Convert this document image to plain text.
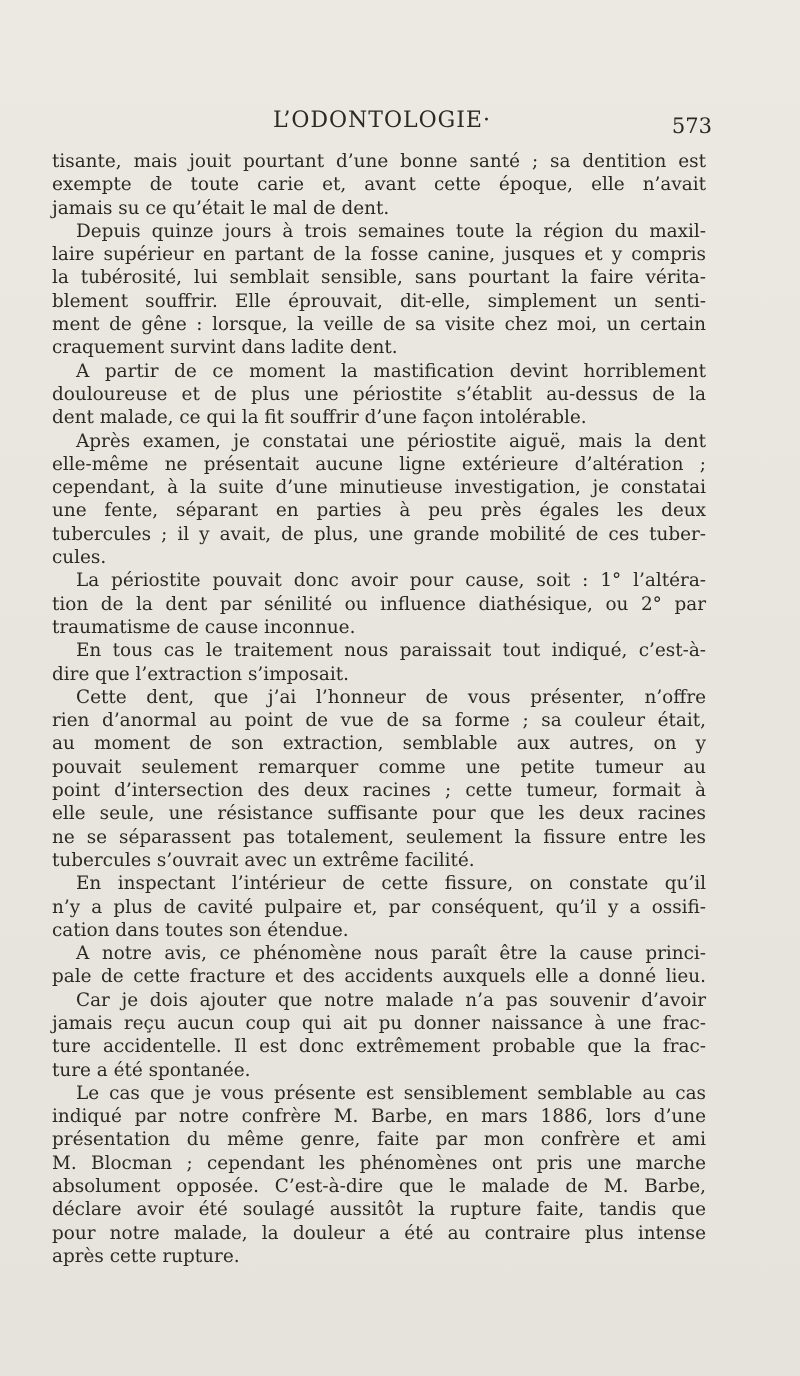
L’ODONTOLOGIE·	573
tisante, mais jouit pourtant d’une bonne santé ; sa dentition est
exempte de toute carie et, avant cette époque, elle n’avait
jamais su ce qu’était le mal de dent.
Depuis quinze jours à trois semaines toute la région du maxil-
laire supérieur en partant de la fosse canine, jusques et y compris
la tubérosité, lui semblait sensible, sans pourtant la faire vérita-
blement souffrir. Elle éprouvait, dit-elle, simplement un senti-
ment de gêne : lorsque, la veille de sa visite chez moi, un certain
craquement survint dans ladite dent.
A partir de ce moment la mastification devint horriblement
douloureuse et de plus une périostite s’établit au-dessus de la
dent malade, ce qui la fit souffrir d’une façon intolérable.
Après examen, je constatai une périostite aiguë, mais la dent
elle-même ne présentait aucune ligne extérieure d’altération ;
cependant, à la suite d’une minutieuse investigation, je constatai
une fente, séparant en parties à peu près égales les deux
tubercules ; il y avait, de plus, une grande mobilité de ces tuber-
cules.
La périostite pouvait donc avoir pour cause, soit : 1° l’altéra-
tion de la dent par sénilité ou influence diathésique, ou 2° par
traumatisme de cause inconnue.
En tous cas le traitement nous paraissait tout indiqué, c’est-à-
dire que l’extraction s’imposait.
Cette dent, que j’ai l’honneur de vous présenter, n’offre
rien d’anormal au point de vue de sa forme ; sa couleur était,
au moment de son extraction, semblable aux autres, on y
pouvait seulement remarquer comme une petite tumeur au
point d’intersection des deux racines ; cette tumeur, formait à
elle seule, une résistance suffisante pour que les deux racines
ne se séparassent pas totalement, seulement la fissure entre les
tubercules s’ouvrait avec un extrême facilité.
En inspectant l’intérieur de cette fissure, on constate qu’il
n’y a plus de cavité pulpaire et, par conséquent, qu’il y a ossifi-
cation dans toutes son étendue.
A notre avis, ce phénomène nous paraît être la cause princi-
pale de cette fracture et des accidents auxquels elle a donné lieu.
Car je dois ajouter que notre malade n’a pas souvenir d’avoir
jamais reçu aucun coup qui ait pu donner naissance à une frac-
ture accidentelle. Il est donc extrêmement probable que la frac-
ture a été spontanée.
Le cas que je vous présente est sensiblement semblable au cas
indiqué par notre confrère M. Barbe, en mars 1886, lors d’une
présentation du même genre, faite par mon confrère et ami
M. Blocman ; cependant les phénomènes ont pris une marche
absolument opposée. C’est-à-dire que le malade de M. Barbe,
déclare avoir été soulagé aussitôt la rupture faite, tandis que
pour notre malade, la douleur a été au contraire plus intense
après cette rupture.
